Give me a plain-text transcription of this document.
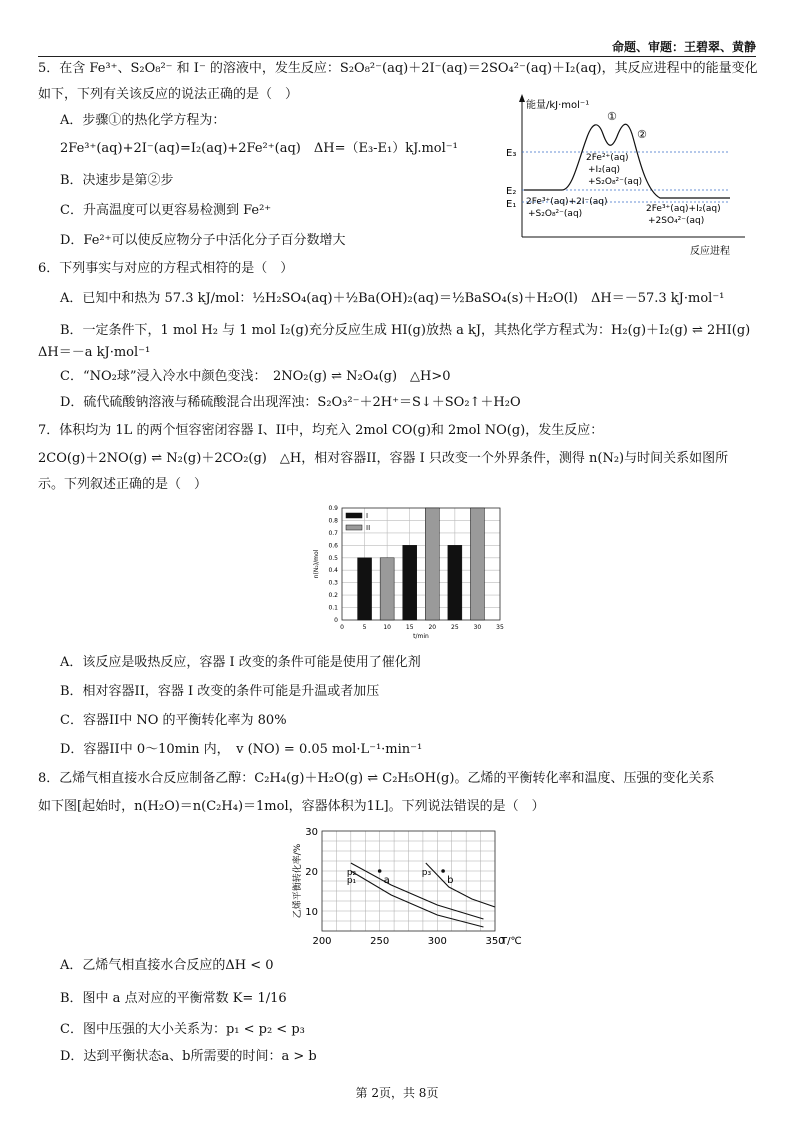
命题、审题：王碧翠、黄静
5．在含 Fe³⁺、S₂O₈²⁻ 和 I⁻ 的溶液中，发生反应：S₂O₈²⁻(aq)＋2I⁻(aq)＝2SO₄²⁻(aq)＋I₂(aq)，其反应进程中的能量变化
如下，下列有关该反应的说法正确的是（　）
A．步骤①的热化学方程为：
2Fe³⁺(aq)+2I⁻(aq)=I₂(aq)+2Fe²⁺(aq)　ΔH=（E₃-E₁）kJ.mol⁻¹
B．决速步是第②步
C．升高温度可以更容易检测到 Fe²⁺
D．Fe²⁺可以使反应物分子中活化分子百分数增大
能量/kJ·mol⁻¹
反应进程
E₃
E₂
E₁
①
②
2Fe²⁺(aq)
+I₂(aq)
+S₂O₈²⁻(aq)
2Fe³⁺(aq)+2I⁻(aq)
+S₂O₈²⁻(aq)	2Fe³⁺(aq)+I₂(aq)
+2SO₄²⁻(aq)
6．下列事实与对应的方程式相符的是（　）
A．已知中和热为 57.3 kJ/mol：½H₂SO₄(aq)＋½Ba(OH)₂(aq)＝½BaSO₄(s)＋H₂O(l)　ΔH＝－57.3 kJ·mol⁻¹
B．一定条件下，1 mol H₂ 与 1 mol I₂(g)充分反应生成 HI(g)放热 a kJ，其热化学方程式为：H₂(g)＋I₂(g) ⇌ 2HI(g)
ΔH＝－a kJ·mol⁻¹
C．“NO₂球”浸入冷水中颜色变浅：　2NO₂(g) ⇌ N₂O₄(g)　△H>0
D．硫代硫酸钠溶液与稀硫酸混合出现浑浊：S₂O₃²⁻＋2H⁺＝S↓＋SO₂↑＋H₂O
7．体积均为 1L 的两个恒容密闭容器 I、II中，均充入 2mol CO(g)和 2mol NO(g)，发生反应：
2CO(g)＋2NO(g) ⇌ N₂(g)＋2CO₂(g)　△H，相对容器II，容器 I 只改变一个外界条件，测得 n(N₂)与时间关系如图所
示。下列叙述正确的是（　）
0
0.1
0.2
0.3
0.4
0.5
0.6
0.7
0.8
0.9
0	5	10 15 20 25 30 35
I
II
n(N₂)/mol
t/min
A．该反应是吸热反应，容器 I 改变的条件可能是使用了催化剂
B．相对容器II，容器 I 改变的条件可能是升温或者加压
C．容器II中 NO 的平衡转化率为 80%
D．容器II中 0～10min 内，　v (NO) = 0.05 mol·L⁻¹·min⁻¹
8．乙烯气相直接水合反应制备乙醇：C₂H₄(g)＋H₂O(g) ⇌ C₂H₅OH(g)。乙烯的平衡转化率和温度、压强的变化关系
如下图[起始时，n(H₂O)＝n(C₂H₄)＝1mol，容器体积为1L]。下列说法错误的是（　）
10
20
30
200	250	300	350
p₁
p₂	p₃
a	b
乙烯平衡转化率/%
T/℃
A．乙烯气相直接水合反应的ΔH < 0
B．图中 a 点对应的平衡常数 K= 1/16
C．图中压强的大小关系为：p₁ < p₂ < p₃
D．达到平衡状态a、b所需要的时间：a > b
第 2页，共 8页
